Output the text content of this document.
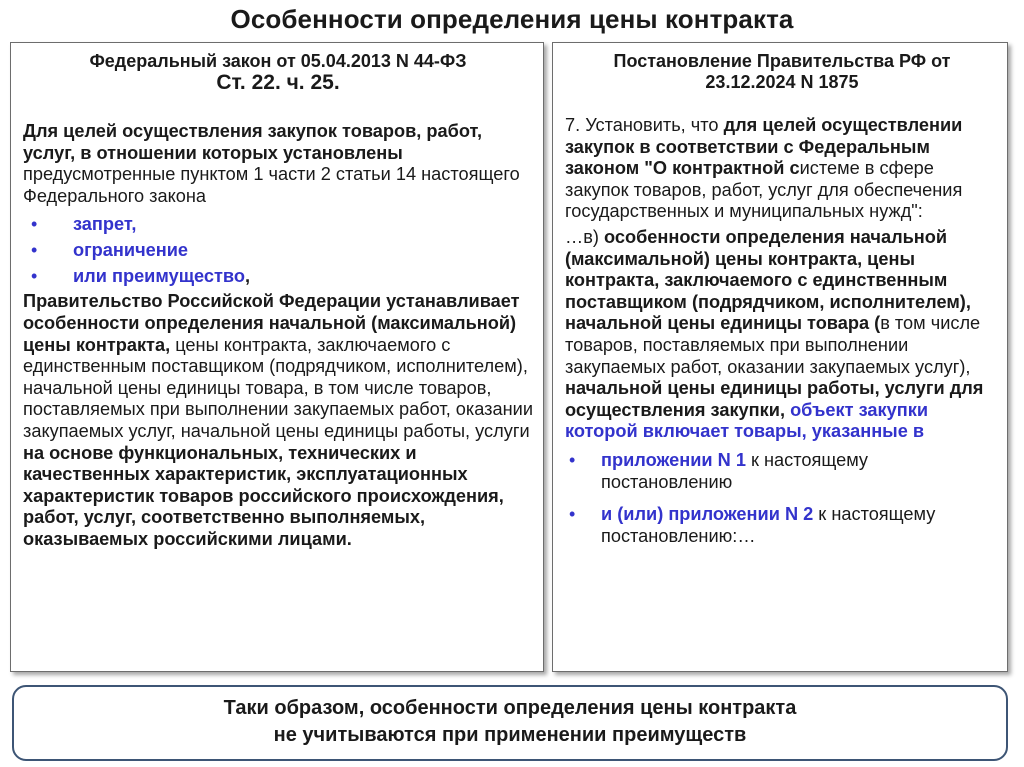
Особенности определения цены контракта
Федеральный закон от 05.04.2013 N 44-ФЗ
Ст. 22. ч. 25.

Для целей осуществления закупок товаров, работ, услуг, в отношении которых установлены предусмотренные пунктом 1 части 2 статьи 14 настоящего Федерального закона

• запрет,
• ограничение
• или преимущество,

Правительство Российской Федерации устанавливает особенности определения начальной (максимальной) цены контракта, цены контракта, заключаемого с единственным поставщиком (подрядчиком, исполнителем), начальной цены единицы товара, в том числе товаров, поставляемых при выполнении закупаемых работ, оказании закупаемых услуг, начальной цены единицы работы, услуги на основе функциональных, технических и качественных характеристик, эксплуатационных характеристик товаров российского происхождения, работ, услуг, соответственно выполняемых, оказываемых российскими лицами.

Постановление Правительства РФ от
23.12.2024 N 1875

7. Установить, что для целей осуществлении закупок в соответствии с Федеральным законом "О контрактной системе в сфере закупок товаров, работ, услуг для обеспечения государственных и муниципальных нужд":

…в) особенности определения начальной (максимальной) цены контракта, цены контракта, заключаемого с единственным поставщиком (подрядчиком, исполнителем), начальной цены единицы товара (в том числе товаров, поставляемых при выполнении закупаемых работ, оказании закупаемых услуг), начальной цены единицы работы, услуги для осуществления закупки, объект закупки которой включает товары, указанные в

• приложении N 1 к настоящему постановлению
• и (или) приложении N 2 к настоящему постановлению:…
Таки образом, особенности определения цены контракта
не учитываются при применении преимуществ
